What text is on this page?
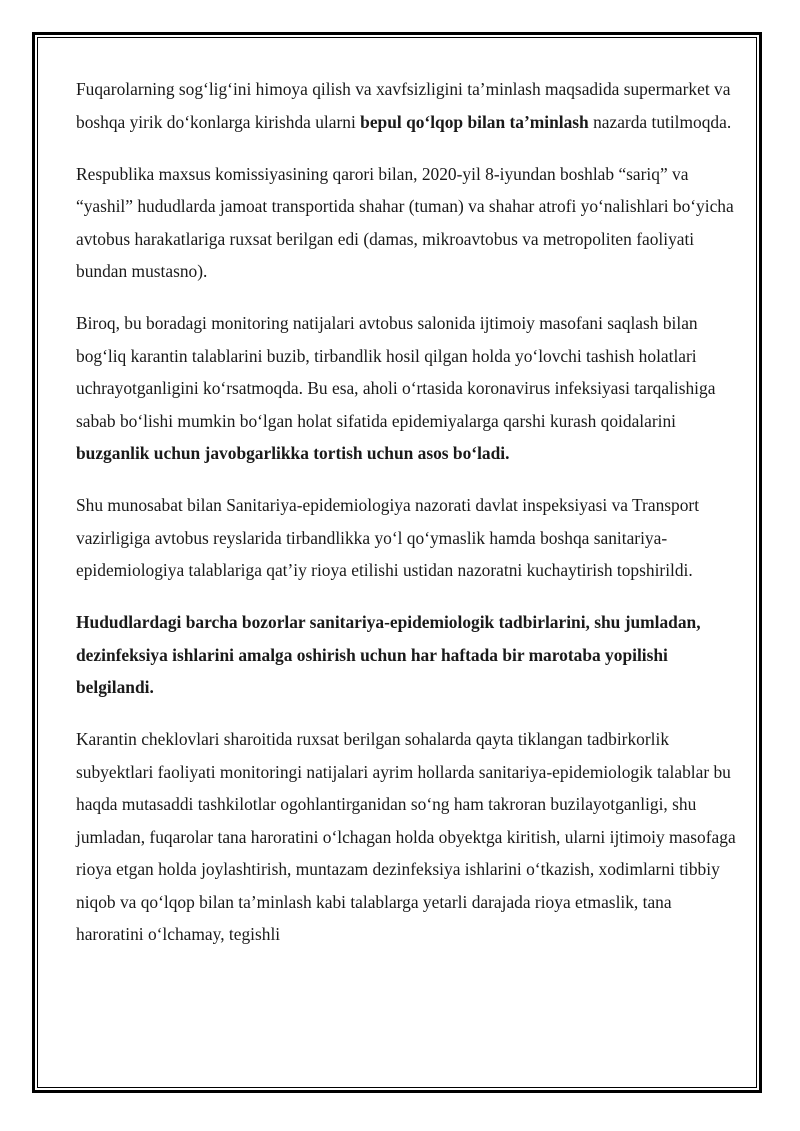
Fuqarolarning sog‘lig‘ini himoya qilish va xavfsizligini ta’minlash maqsadida supermarket va boshqa yirik do‘konlarga kirishda ularni bepul qo‘lqop bilan ta’minlash nazarda tutilmoqda.

Respublika maxsus komissiyasining qarori bilan, 2020-yil 8-iyundan boshlab “sariq” va “yashil” hududlarda jamoat transportida shahar (tuman) va shahar atrofi yo‘nalishlari bo‘yicha avtobus harakatlariga ruxsat berilgan edi (damas, mikroavtobus va metropoliten faoliyati bundan mustasno).

Biroq, bu boradagi monitoring natijalari avtobus salonida ijtimoiy masofani saqlash bilan bog‘liq karantin talablarini buzib, tirbandlik hosil qilgan holda yo‘lovchi tashish holatlari uchrayotganligini ko‘rsatmoqda. Bu esa, aholi o‘rtasida koronavirus infeksiyasi tarqalishiga sabab bo‘lishi mumkin bo‘lgan holat sifatida epidemiyalarga qarshi kurash qoidalarini buzganlik uchun javobgarlikka tortish uchun asos bo‘ladi.

Shu munosabat bilan Sanitariya-epidemiologiya nazorati davlat inspeksiyasi va Transport vazirligiga avtobus reyslarida tirbandlikka yo‘l qo‘ymaslik hamda boshqa sanitariya-epidemiologiya talablariga qat’iy rioya etilishi ustidan nazoratni kuchaytirish topshirildi.

Hududlardagi barcha bozorlar sanitariya-epidemiologik tadbirlarini, shu jumladan, dezinfeksiya ishlarini amalga oshirish uchun har haftada bir marotaba yopilishi belgilandi.

Karantin cheklovlari sharoitida ruxsat berilgan sohalarda qayta tiklangan tadbirkorlik subyektlari faoliyati monitoringi natijalari ayrim hollarda sanitariya-epidemiologik talablar bu haqda mutasaddi tashkilotlar ogohlantirganidan so‘ng ham takroran buzilayotganligi, shu jumladan, fuqarolar tana haroratini o‘lchagan holda obyektga kiritish, ularni ijtimoiy masofaga rioya etgan holda joylashtirish, muntazam dezinfeksiya ishlarini o‘tkazish, xodimlarni tibbiy niqob va qo‘lqop bilan ta’minlash kabi talablarga yetarli darajada rioya etmaslik, tana haroratini o‘lchamay, tegishli
